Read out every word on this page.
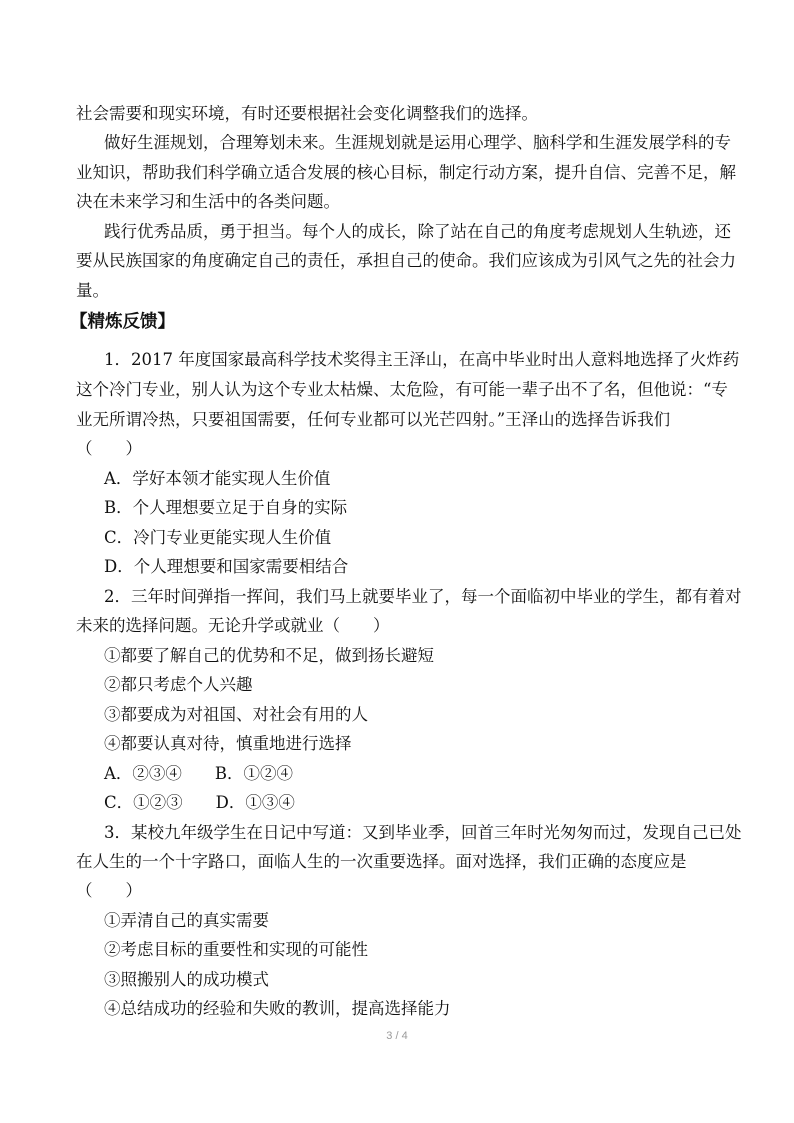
社会需要和现实环境，有时还要根据社会变化调整我们的选择。
做好生涯规划，合理筹划未来。生涯规划就是运用心理学、脑科学和生涯发展学科的专
业知识，帮助我们科学确立适合发展的核心目标，制定行动方案，提升自信、完善不足，解
决在未来学习和生活中的各类问题。
践行优秀品质，勇于担当。每个人的成长，除了站在自己的角度考虑规划人生轨迹，还
要从民族国家的角度确定自己的责任，承担自己的使命。我们应该成为引风气之先的社会力
量。
【精炼反馈】
1．2017 年度国家最高科学技术奖得主王泽山，在高中毕业时出人意料地选择了火炸药
这个冷门专业，别人认为这个专业太枯燥、太危险，有可能一辈子出不了名，但他说：“专
业无所谓冷热，只要祖国需要，任何专业都可以光芒四射。”王泽山的选择告诉我们
（　　）
A．学好本领才能实现人生价值
B．个人理想要立足于自身的实际
C．冷门专业更能实现人生价值
D．个人理想要和国家需要相结合
2．三年时间弹指一挥间，我们马上就要毕业了，每一个面临初中毕业的学生，都有着对
未来的选择问题。无论升学或就业（　　）
①都要了解自己的优势和不足，做到扬长避短
②都只考虑个人兴趣
③都要成为对祖国、对社会有用的人
④都要认真对待，慎重地进行选择
A．②③④　　B．①②④
C．①②③　　D．①③④
3．某校九年级学生在日记中写道：又到毕业季，回首三年时光匆匆而过，发现自己已处
在人生的一个十字路口，面临人生的一次重要选择。面对选择，我们正确的态度应是
（　　）
①弄清自己的真实需要
②考虑目标的重要性和实现的可能性
③照搬别人的成功模式
④总结成功的经验和失败的教训，提高选择能力
3 / 4
